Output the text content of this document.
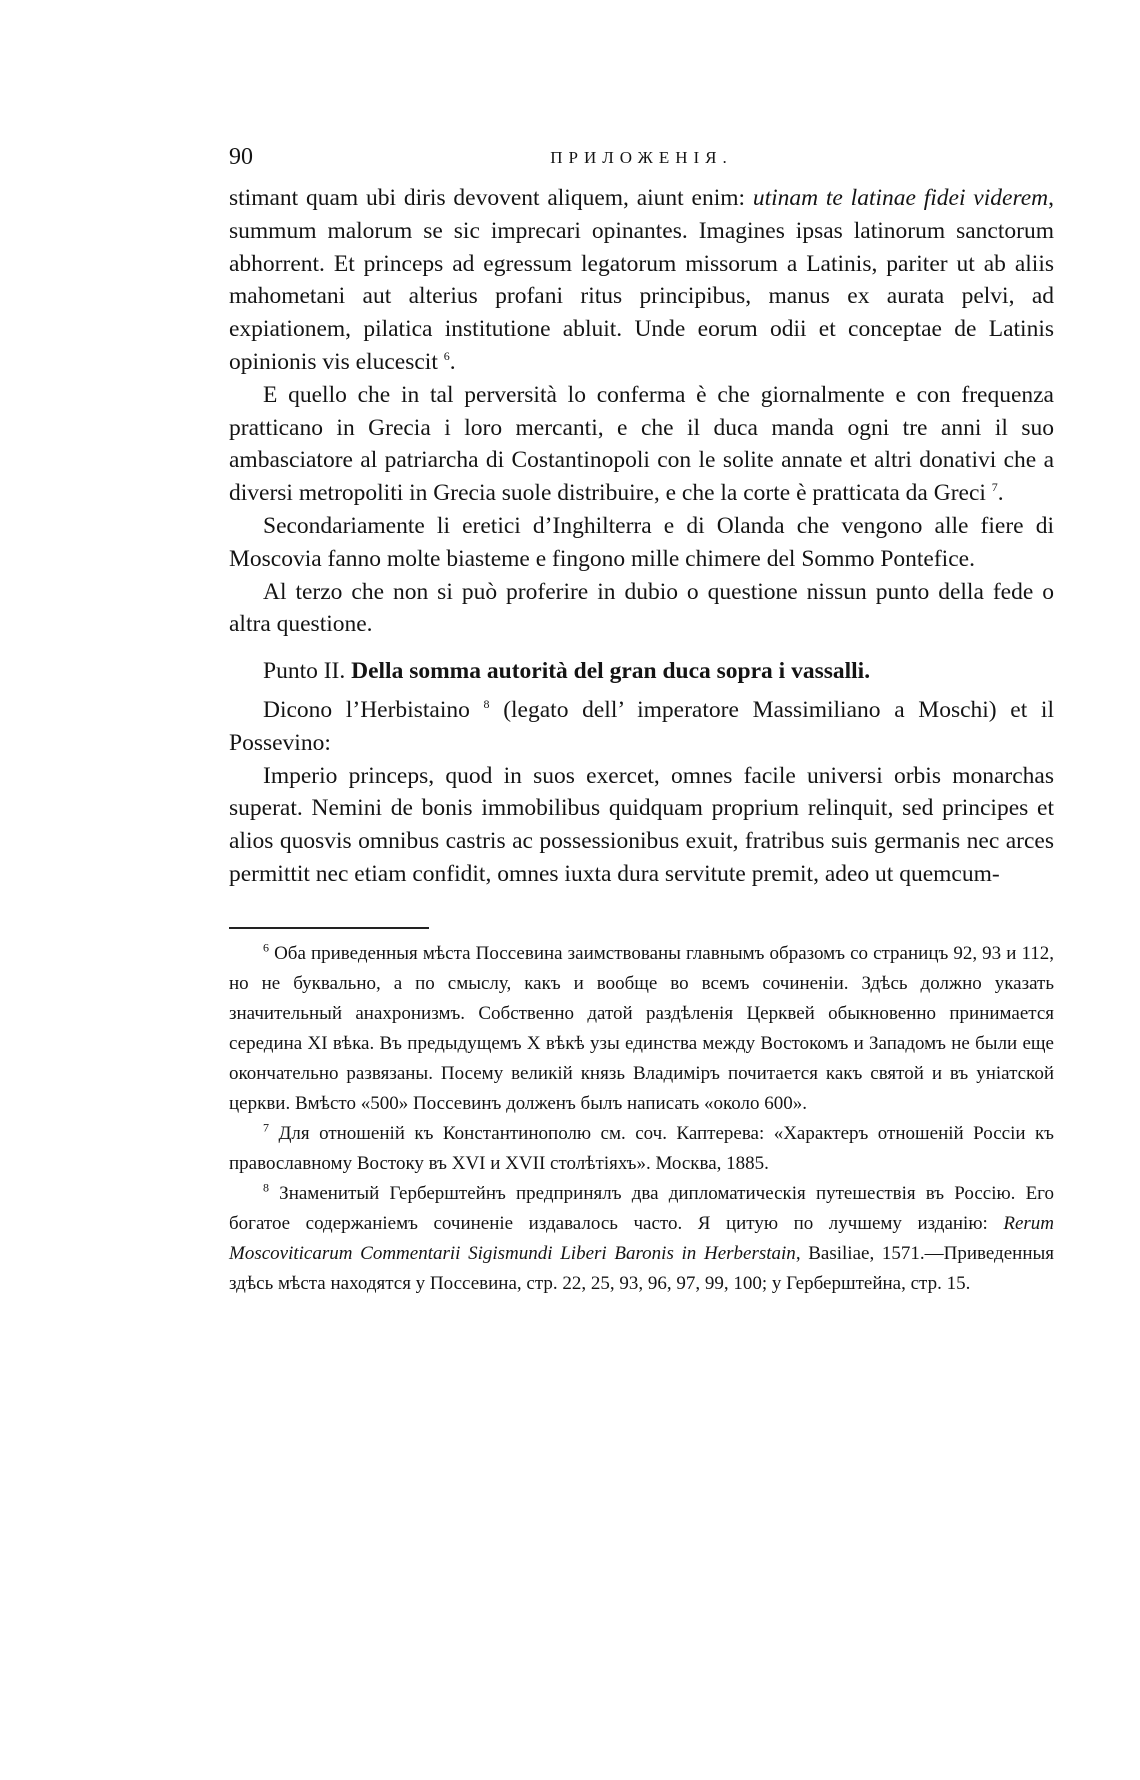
90	ПРИЛОЖЕНІЯ.

stimant quam ubi diris devovent aliquem, aiunt enim: utinam te latinae fidei viderem, summum malorum se sic imprecari opinantes. Imagines ipsas latinorum sanctorum abhorrent. Et princeps ad egressum legatorum missorum a Latinis, pariter ut ab aliis mahometani aut alterius profani ritus principibus, manus ex aurata pelvi, ad expiationem, pilatica institutione abluit. Unde eorum odii et conceptae de Latinis opinionis vis elucescit $^6$.

E quello che in tal perversità lo conferma è che giornalmente e con frequenza pratticano in Grecia i loro mercanti, e che il duca manda ogni tre anni il suo ambasciatore al patriarcha di Costantinopoli con le solite annate et altri donativi che a diversi metropoliti in Grecia suole distribuire, e che la corte è pratticata da Greci $^7$.

Secondariamente li eretici d’Inghilterra e di Olanda che vengono alle fiere di Moscovia fanno molte biasteme e fingono mille chimere del Sommo Pontefice.

Al terzo che non si può proferire in dubio o questione nissun punto della fede o altra questione.

Punto II. Della somma autorità del gran duca sopra i vassalli.

Dicono l’Herbistaino $^8$ (legato dell’ imperatore Massimiliano a Moschi) et il Possevino:

Imperio princeps, quod in suos exercet, omnes facile universi orbis monarchas superat. Nemini de bonis immobilibus quidquam proprium relinquit, sed principes et alios quosvis omnibus castris ac possessionibus exuit, fratribus suis germanis nec arces permittit nec etiam confidit, omnes iuxta dura servitute premit, adeo ut quemcum-

$^6$ Оба приведенныя мѣста Поссевина заимствованы главнымъ образомъ со страницъ 92, 93 и 112, но не буквально, а по смыслу, какъ и вообще во всемъ сочиненіи. Здѣсь должно указать значительный анахронизмъ. Собственно датой раздѣленія Церквей обыкновенно принимается середина XI вѣка. Въ предыдущемъ X вѣкѣ узы единства между Востокомъ и Западомъ не были еще окончательно развязаны. Посему великій князь Владиміръ почитается какъ святой и въ уніатской церкви. Вмѣсто «500» Поссевинъ долженъ былъ написать «около 600».

$^7$ Для отношеній къ Константинополю см. соч. Каптерева: «Характеръ отношеній Россіи къ православному Востоку въ XVI и XVII столѣтіяхъ». Москва, 1885.

$^8$ Знаменитый Герберштейнъ предпринялъ два дипломатическія путешествія въ Россію. Его богатое содержаніемъ сочиненіе издавалось часто. Я цитую по лучшему изданію: Rerum Moscoviticarum Commentarii Sigismundi Liberi Baronis in Herberstain, Basiliae, 1571.—Приведенныя здѣсь мѣста находятся у Поссевина, стр. 22, 25, 93, 96, 97, 99, 100; у Герберштейна, стр. 15.
